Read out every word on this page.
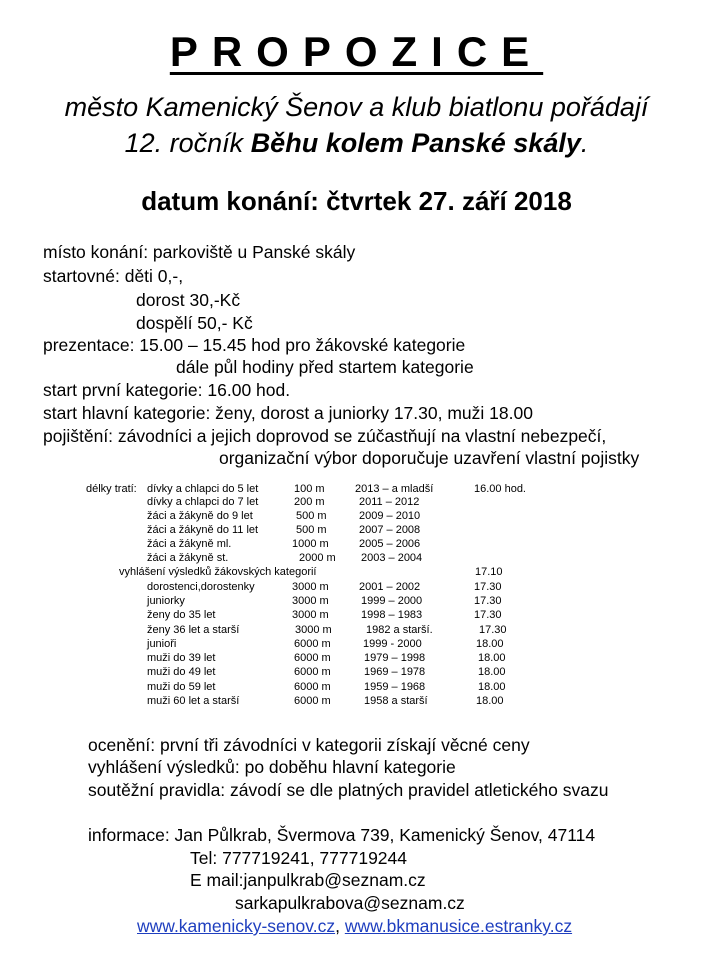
PROPOZICE
město Kamenický Šenov a klub biatlonu pořádají
12. ročník Běhu kolem Panské skály.
datum konání: čtvrtek 27. září 2018
místo konání: parkoviště u Panské skály
startovné: děti 0,-,
dorost 30,-Kč
dospělí 50,- Kč
prezentace: 15.00 – 15.45 hod pro žákovské kategorie
dále půl hodiny před startem kategorie
start první kategorie: 16.00 hod.
start hlavní kategorie: ženy, dorost a juniorky 17.30, muži 18.00
pojištění: závodníci a jejich doprovod se zúčastňují na vlastní nebezpečí,
organizační výbor doporučuje uzavření vlastní pojistky
délky tratí: dívky a chlapci do 5 let	100 m	2013 – a mladší	16.00 hod.
dívky a chlapci do 7 let	200 m	2011 – 2012
žáci a žákyně do 9 let	500 m	2009 – 2010
žáci a žákyně do 11 let	500 m	2007 – 2008
žáci a žákyně ml.	1000 m	2005 – 2006
žáci a žákyně st.	2000 m 2003 – 2004
vyhlášení výsledků žákovských kategorií	17.10
dorostenci,dorostenky	3000 m	2001 – 2002	17.30
juniorky	3000 m	1999 – 2000	17.30
ženy do 35 let	3000 m	1998 – 1983	17.30
ženy 36 let a starší	3000 m	1982 a starší.	17.30
junioři	6000 m	1999 - 2000	18.00
muži do 39 let	6000 m	1979 – 1998	18.00
muži do 49 let	6000 m	1969 – 1978	18.00
muži do 59 let	6000 m	1959 – 1968	18.00
muži 60 let a starší	6000 m	1958 a starší	18.00
ocenění: první tři závodníci v kategorii získají věcné ceny
vyhlášení výsledků: po doběhu hlavní kategorie
soutěžní pravidla: závodí se dle platných pravidel atletického svazu
informace: Jan Půlkrab, Švermova 739, Kamenický Šenov, 47114
Tel: 777719241, 777719244
E mail:janpulkrab@seznam.cz
sarkapulkrabova@seznam.cz
www.kamenicky-senov.cz, www.bkmanusice.estranky.cz
